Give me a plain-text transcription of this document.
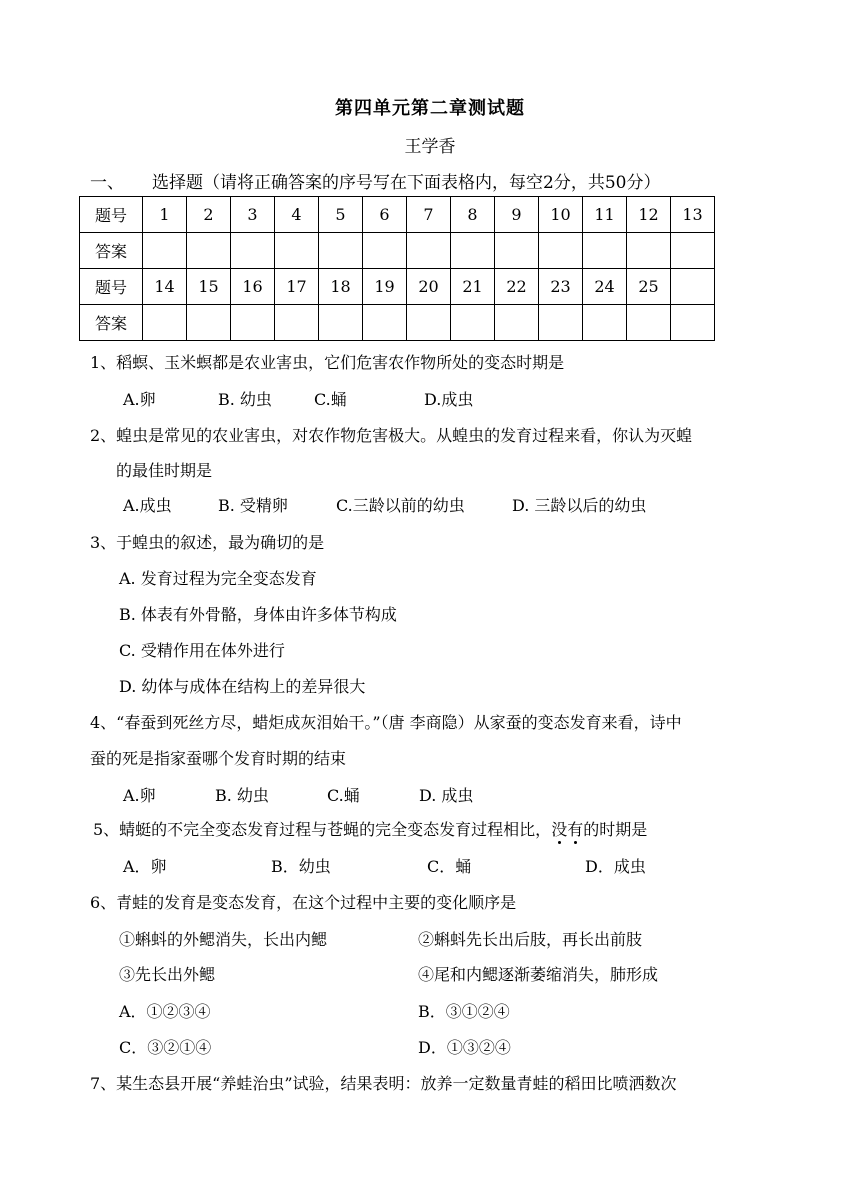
第四单元第二章测试题
王学香
一、 选择题（请将正确答案的序号写在下面表格内，每空2分，共50分）
题号	1	2	3	4	5	6	7	8	9	10	11	12	13
答案													
题号	14	15	16	17	18	19	20	21	22	23	24	25	
答案													
1、稻螟、玉米螟都是农业害虫，它们危害农作物所处的变态时期是
A.卵	B. 幼虫	C.蛹	D.成虫
2、蝗虫是常见的农业害虫，对农作物危害极大。从蝗虫的发育过程来看，你认为灭蝗
的最佳时期是
A.成虫	B. 受精卵	C.三龄以前的幼虫	D. 三龄以后的幼虫
3、于蝗虫的叙述，最为确切的是
A. 发育过程为完全变态发育
B. 体表有外骨骼，身体由许多体节构成
C. 受精作用在体外进行
D. 幼体与成体在结构上的差异很大
4、“春蚕到死丝方尽，蜡炬成灰泪始干。”（唐 李商隐）从家蚕的变态发育来看，诗中
蚕的死是指家蚕哪个发育时期的结束
A.卵	B. 幼虫	C.蛹	D. 成虫
5、蜻蜓的不完全变态发育过程与苍蝇的完全变态发育过程相比，没有的时期是
A．卵	B．幼虫	C．蛹	D．成虫
6、青蛙的发育是变态发育，在这个过程中主要的变化顺序是
①蝌蚪的外鳃消失，长出内鳃	②蝌蚪先长出后肢，再长出前肢
③先长出外鳃	④尾和内鳃逐渐萎缩消失，肺形成
A．①②③④	B．③①②④
C．③②①④	D．①③②④
7、某生态县开展“养蛙治虫”试验，结果表明：放养一定数量青蛙的稻田比喷洒数次
